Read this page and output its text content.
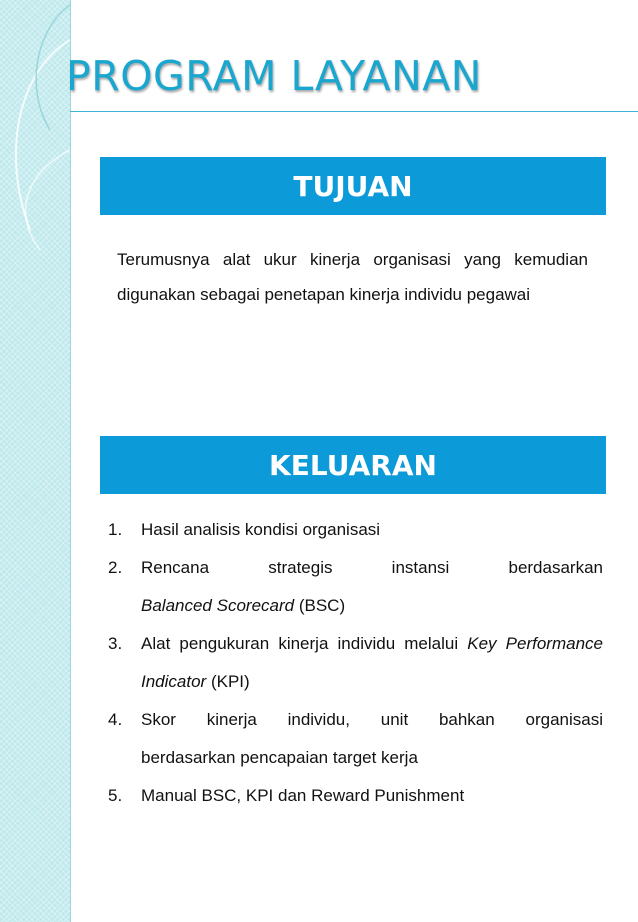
PROGRAM LAYANAN
TUJUAN

Terumusnya alat ukur kinerja organisasi yang kemudian digunakan sebagai penetapan kinerja individu pegawai

KELUARAN
1. Hasil analisis kondisi organisasi
2. Rencana strategis instansi berdasarkan
Balanced Scorecard (BSC)
3. Alat pengukuran kinerja individu melalui Key Performance Indicator (KPI)
4. Skor kinerja individu, unit bahkan organisasi
berdasarkan pencapaian target kerja
5. Manual BSC, KPI dan Reward Punishment
